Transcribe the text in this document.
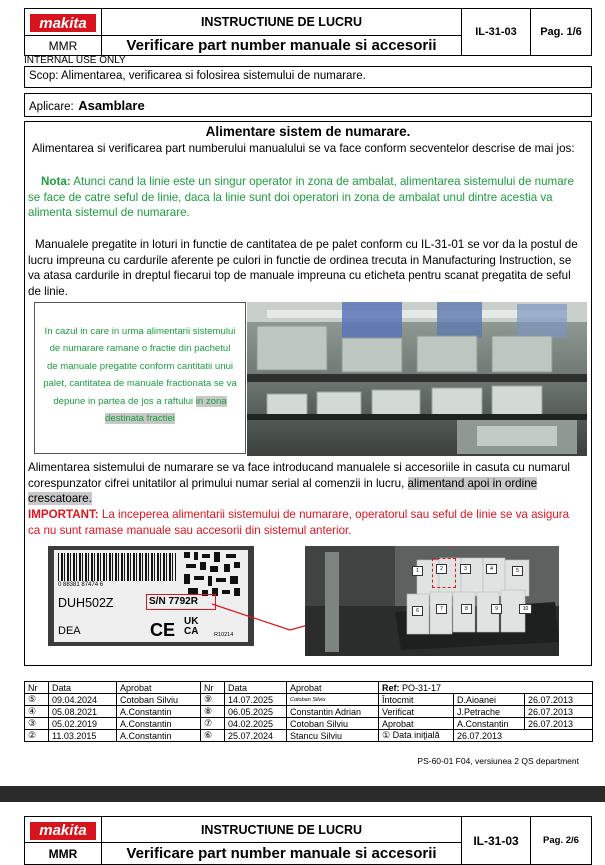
makita	INSTRUCTIUNE DE LUCRU	IL-31-03	Pag. 1/6
MMR	Verificare part number manuale si accesorii		
INTERNAL USE ONLY
Scop: Alimentarea, verificarea si folosirea sistemului de numarare.
Aplicare: Asamblare
Alimentare sistem de numarare.
Alimentarea si verificarea part numberului manualului se va face conform secventelor descrise de mai jos:
Nota: Atunci cand la linie este un singur operator in zona de ambalat, alimentarea sistemului de numare se face de catre seful de linie, daca la linie sunt doi operatori in zona de ambalat unul dintre acestia va alimenta sistemul de numarare.
Manualele pregatite in loturi in functie de cantitatea de pe palet conform cu IL-31-01 se vor da la postul de lucru impreuna cu cardurile aferente pe culori in functie de ordinea trecuta in Manufacturing Instruction, se va atasa cardurile in dreptul fiecarui top de manuale impreuna cu eticheta pentru scanat pregatita de seful de linie.
In cazul in care in urma alimentarii sistemului de numarare ramane o fractie din pachetul de manuale pregatite conform cantitatii unui palet, cantitatea de manuale fractionata se va depune in partea de jos a raftului in zona destinata fractiei
Alimentarea sistemului de numarare se va face introducand manualele si accesoriile in casuta cu numarul corespunzator cifrei unitatilor al primului numar serial al comenzii in lucru, alimentand apoi in ordine crescatoare.
IMPORTANT: La inceperea alimentarii sistemului de numarare, operatorul sau seful de linie se va asigura ca nu sunt ramase manuale sau accesorii din sistemul anterior.
0 88381 87474 6
DUH502Z
DEA
S/N 7792R
CE UK CA	R10214
1	2	3	4	5
6	7	8	9	10
Nr	Data	Aprobat	Nr	Data	Aprobat	Ref: PO-31-17		
⑤	09.04.2024	Cotoban Silviu	⑨	14.07.2025	Cotoban Silviu	Întocmit	D.Aioanei	26.07.2013
④	05.08.2021	A.Constantin	⑧	06.05.2025	Constantin Adrian	Verificat	J.Petrache	26.07.2013
③	05.02.2019	A.Constantin	⑦	04.02.2025	Cotoban Silviu	Aprobat	A.Constantin	26.07.2013
②	11.03.2015	A.Constantin	⑥	25.07.2024	Stancu Silviu	① Data iniţială	26.07.2013	
PS-60-01 F04, versiunea 2 QS department
makita	INSTRUCTIUNE DE LUCRU	IL-31-03	Pag. 2/6
MMR	Verificare part number manuale si accesorii		
